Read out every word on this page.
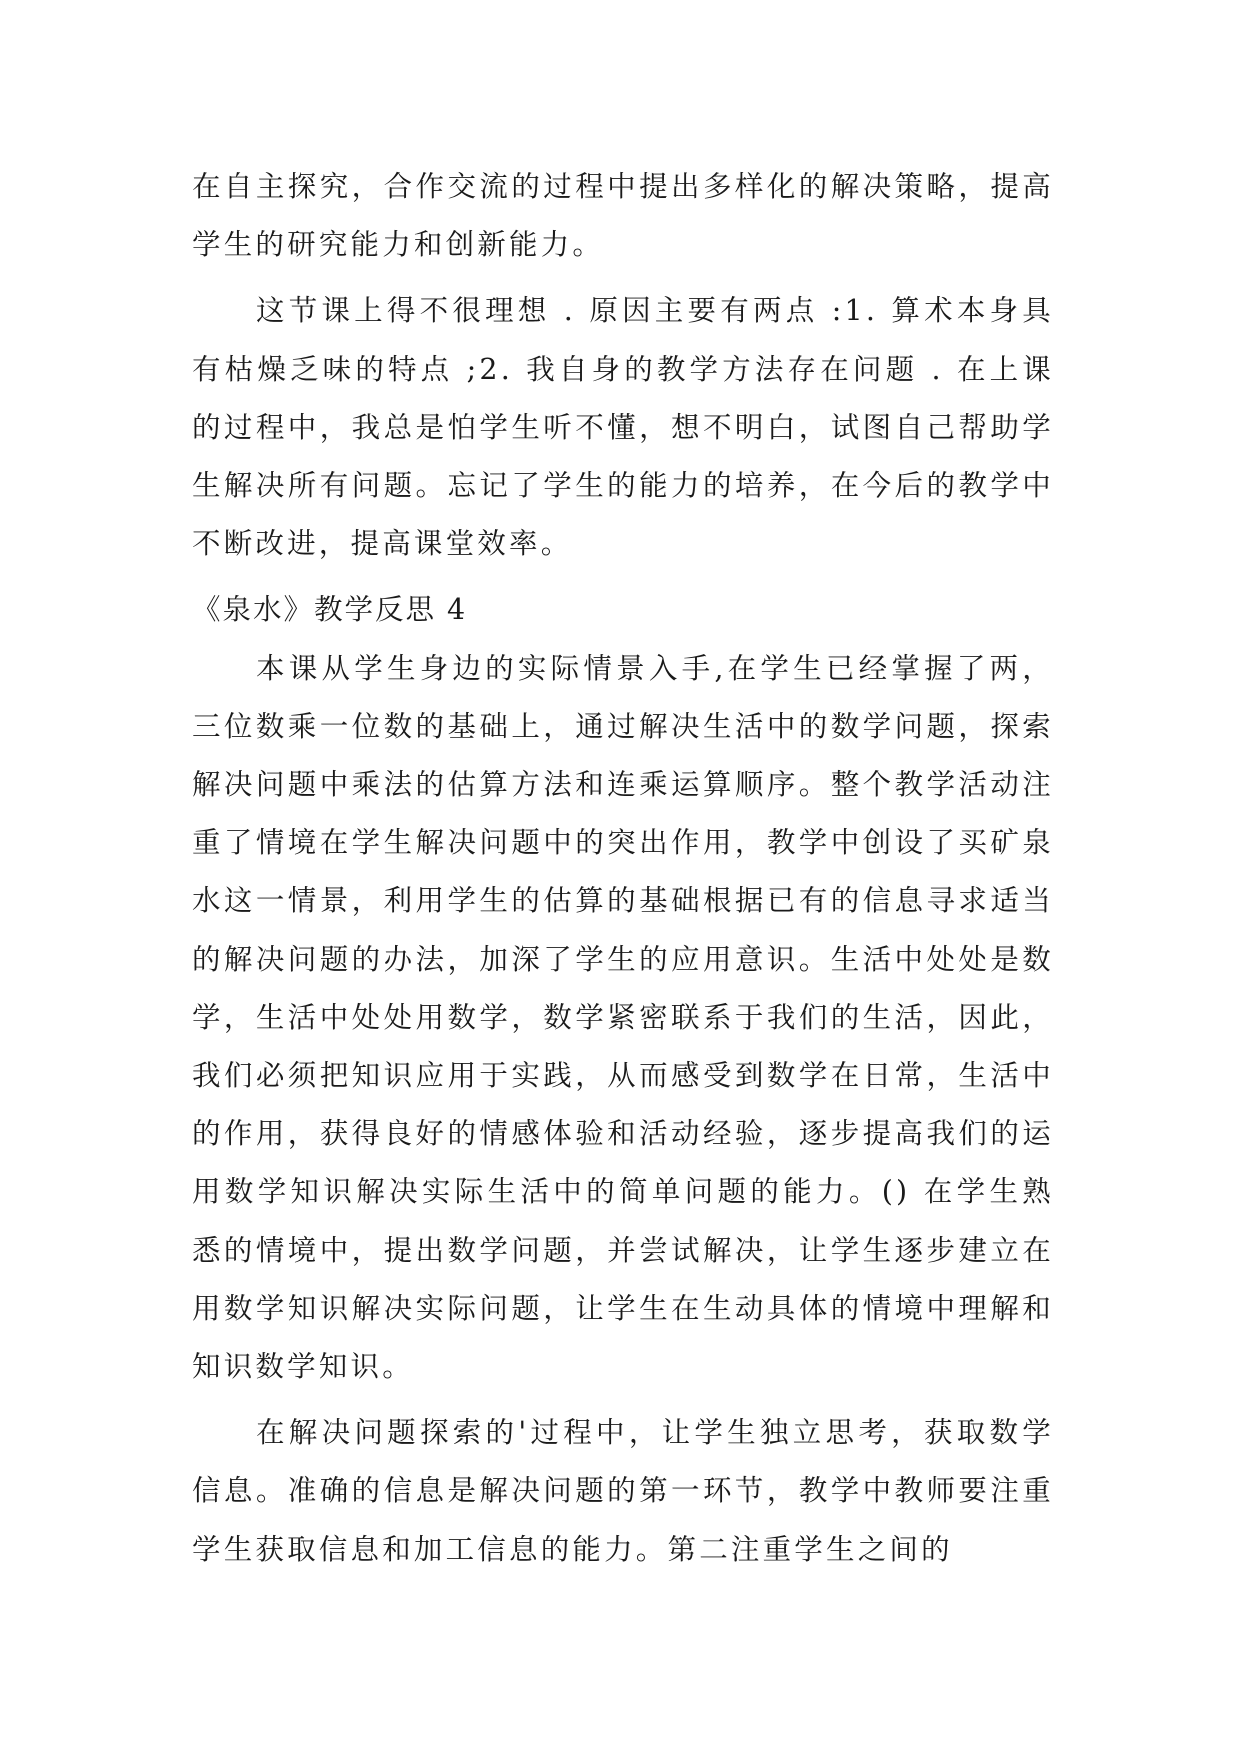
在自主探究，合作交流的过程中提出多样化的解决策略，提高学生的研究能力和创新能力。

这节课上得不很理想 . 原因主要有两点 :1. 算术本身具有枯燥乏味的特点 ;2. 我自身的教学方法存在问题 . 在上课的过程中，我总是怕学生听不懂，想不明白，试图自己帮助学生解决所有问题。忘记了学生的能力的培养，在今后的教学中不断改进，提高课堂效率。

《泉水》教学反思 4

本课从学生身边的实际情景入手,在学生已经掌握了两，三位数乘一位数的基础上，通过解决生活中的数学问题，探索解决问题中乘法的估算方法和连乘运算顺序。整个教学活动注重了情境在学生解决问题中的突出作用，教学中创设了买矿泉水这一情景，利用学生的估算的基础根据已有的信息寻求适当的解决问题的办法，加深了学生的应用意识。生活中处处是数学，生活中处处用数学，数学紧密联系于我们的生活，因此，我们必须把知识应用于实践，从而感受到数学在日常，生活中的作用，获得良好的情感体验和活动经验，逐步提高我们的运用数学知识解决实际生活中的简单问题的能力。() 在学生熟悉的情境中，提出数学问题，并尝试解决，让学生逐步建立在用数学知识解决实际问题，让学生在生动具体的情境中理解和知识数学知识。

在解决问题探索的'过程中，让学生独立思考，获取数学信息。准确的信息是解决问题的第一环节，教学中教师要注重学生获取信息和加工信息的能力。第二注重学生之间的
